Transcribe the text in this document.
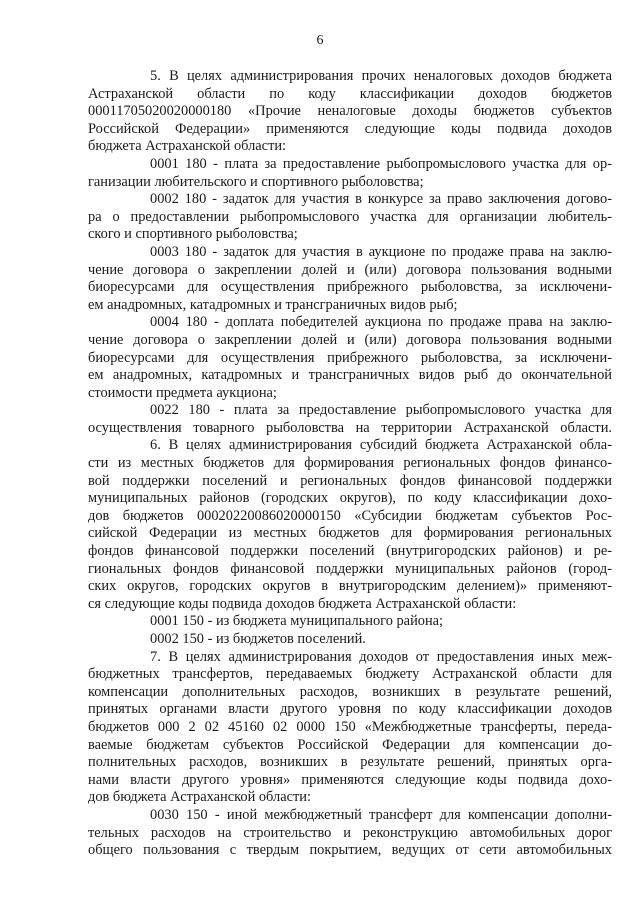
6
5. В целях администрирования прочих неналоговых доходов бюджета
Астраханской области по коду классификации доходов бюджетов
00011705020020000180 «Прочие неналоговые доходы бюджетов субъектов
Российской Федерации» применяются следующие коды подвида доходов
бюджета Астраханской области:
0001 180 - плата за предоставление рыбопромыслового участка для ор-
ганизации любительского и спортивного рыболовства;
0002 180 - задаток для участия в конкурсе за право заключения догово-
ра о предоставлении рыбопромыслового участка для организации любитель-
ского и спортивного рыболовства;
0003 180 - задаток для участия в аукционе по продаже права на заклю-
чение договора о закреплении долей и (или) договора пользования водными
биоресурсами для осуществления прибрежного рыболовства, за исключени-
ем анадромных, катадромных и трансграничных видов рыб;
0004 180 - доплата победителей аукциона по продаже права на заклю-
чение договора о закреплении долей и (или) договора пользования водными
биоресурсами для осуществления прибрежного рыболовства, за исключени-
ем анадромных, катадромных и трансграничных видов рыб до окончательной
стоимости предмета аукциона;
0022 180 - плата за предоставление рыбопромыслового участка для
осуществления товарного рыболовства на территории Астраханской области.
6. В целях администрирования субсидий бюджета Астраханской обла-
сти из местных бюджетов для формирования региональных фондов финансо-
вой поддержки поселений и региональных фондов финансовой поддержки
муниципальных районов (городских округов), по коду классификации дохо-
дов бюджетов 00020220086020000150 «Субсидии бюджетам субъектов Рос-
сийской Федерации из местных бюджетов для формирования региональных
фондов финансовой поддержки поселений (внутригородских районов) и ре-
гиональных фондов финансовой поддержки муниципальных районов (город-
ских округов, городских округов в внутригородским делением)» применяют-
ся следующие коды подвида доходов бюджета Астраханской области:
0001 150 - из бюджета муниципального района;
0002 150 - из бюджетов поселений.
7. В целях администрирования доходов от предоставления иных меж-
бюджетных трансфертов, передаваемых бюджету Астраханской области для
компенсации дополнительных расходов, возникших в результате решений,
принятых органами власти другого уровня по коду классификации доходов
бюджетов 000 2 02 45160 02 0000 150 «Межбюджетные трансферты, переда-
ваемые бюджетам субъектов Российской Федерации для компенсации до-
полнительных расходов, возникших в результате решений, принятых орга-
нами власти другого уровня» применяются следующие коды подвида дохо-
дов бюджета Астраханской области:
0030 150 - иной межбюджетный трансферт для компенсации дополни-
тельных расходов на строительство и реконструкцию автомобильных дорог
общего пользования с твердым покрытием, ведущих от сети автомобильных
